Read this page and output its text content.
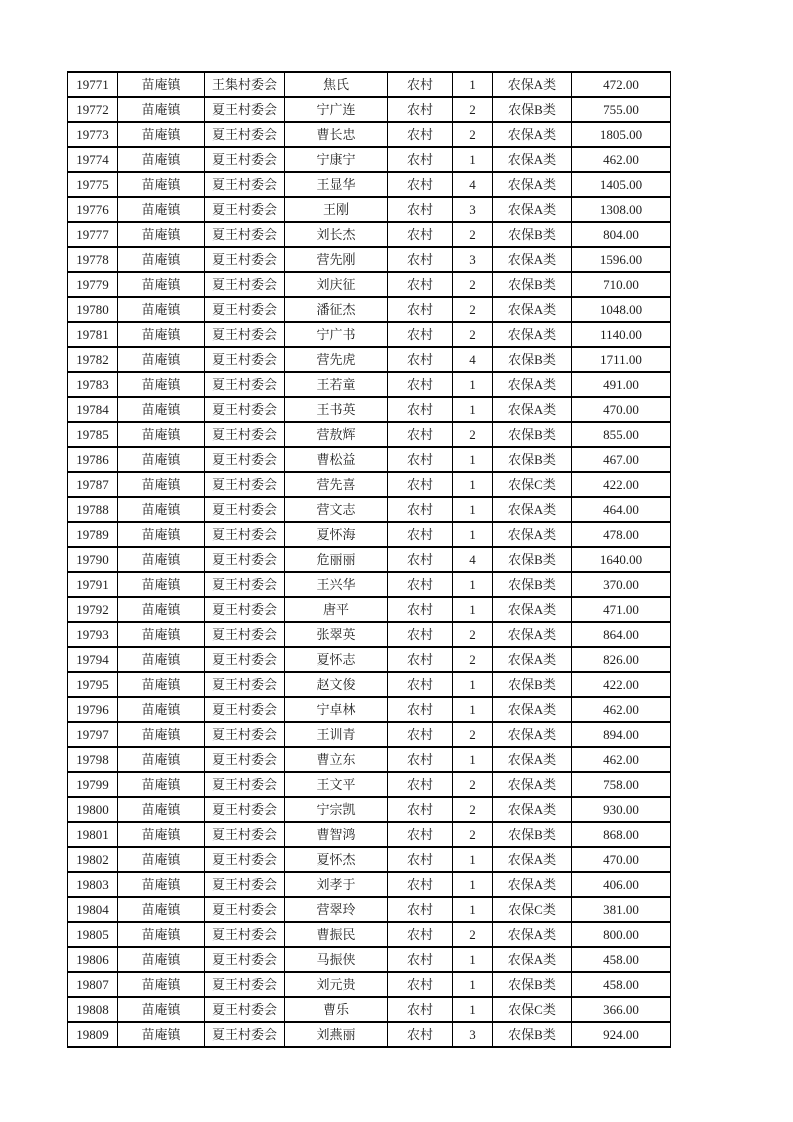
19771	苗庵镇	王集村委会	焦氏	农村	1	农保A类	472.00
19772	苗庵镇	夏王村委会	宁广连	农村	2	农保B类	755.00
19773	苗庵镇	夏王村委会	曹长忠	农村	2	农保A类	1805.00
19774	苗庵镇	夏王村委会	宁康宁	农村	1	农保A类	462.00
19775	苗庵镇	夏王村委会	王显华	农村	4	农保A类	1405.00
19776	苗庵镇	夏王村委会	王刚	农村	3	农保A类	1308.00
19777	苗庵镇	夏王村委会	刘长杰	农村	2	农保B类	804.00
19778	苗庵镇	夏王村委会	营先刚	农村	3	农保A类	1596.00
19779	苗庵镇	夏王村委会	刘庆征	农村	2	农保B类	710.00
19780	苗庵镇	夏王村委会	潘征杰	农村	2	农保A类	1048.00
19781	苗庵镇	夏王村委会	宁广书	农村	2	农保A类	1140.00
19782	苗庵镇	夏王村委会	营先虎	农村	4	农保B类	1711.00
19783	苗庵镇	夏王村委会	王若童	农村	1	农保A类	491.00
19784	苗庵镇	夏王村委会	王书英	农村	1	农保A类	470.00
19785	苗庵镇	夏王村委会	营敖辉	农村	2	农保B类	855.00
19786	苗庵镇	夏王村委会	曹松益	农村	1	农保B类	467.00
19787	苗庵镇	夏王村委会	营先喜	农村	1	农保C类	422.00
19788	苗庵镇	夏王村委会	营文志	农村	1	农保A类	464.00
19789	苗庵镇	夏王村委会	夏怀海	农村	1	农保A类	478.00
19790	苗庵镇	夏王村委会	危丽丽	农村	4	农保B类	1640.00
19791	苗庵镇	夏王村委会	王兴华	农村	1	农保B类	370.00
19792	苗庵镇	夏王村委会	唐平	农村	1	农保A类	471.00
19793	苗庵镇	夏王村委会	张翠英	农村	2	农保A类	864.00
19794	苗庵镇	夏王村委会	夏怀志	农村	2	农保A类	826.00
19795	苗庵镇	夏王村委会	赵文俊	农村	1	农保B类	422.00
19796	苗庵镇	夏王村委会	宁卓林	农村	1	农保A类	462.00
19797	苗庵镇	夏王村委会	王训青	农村	2	农保A类	894.00
19798	苗庵镇	夏王村委会	曹立东	农村	1	农保A类	462.00
19799	苗庵镇	夏王村委会	王文平	农村	2	农保A类	758.00
19800	苗庵镇	夏王村委会	宁宗凯	农村	2	农保A类	930.00
19801	苗庵镇	夏王村委会	曹智鸿	农村	2	农保B类	868.00
19802	苗庵镇	夏王村委会	夏怀杰	农村	1	农保A类	470.00
19803	苗庵镇	夏王村委会	刘孝于	农村	1	农保A类	406.00
19804	苗庵镇	夏王村委会	营翠玲	农村	1	农保C类	381.00
19805	苗庵镇	夏王村委会	曹振民	农村	2	农保A类	800.00
19806	苗庵镇	夏王村委会	马振侠	农村	1	农保A类	458.00
19807	苗庵镇	夏王村委会	刘元贵	农村	1	农保B类	458.00
19808	苗庵镇	夏王村委会	曹乐	农村	1	农保C类	366.00
19809	苗庵镇	夏王村委会	刘燕丽	农村	3	农保B类	924.00
